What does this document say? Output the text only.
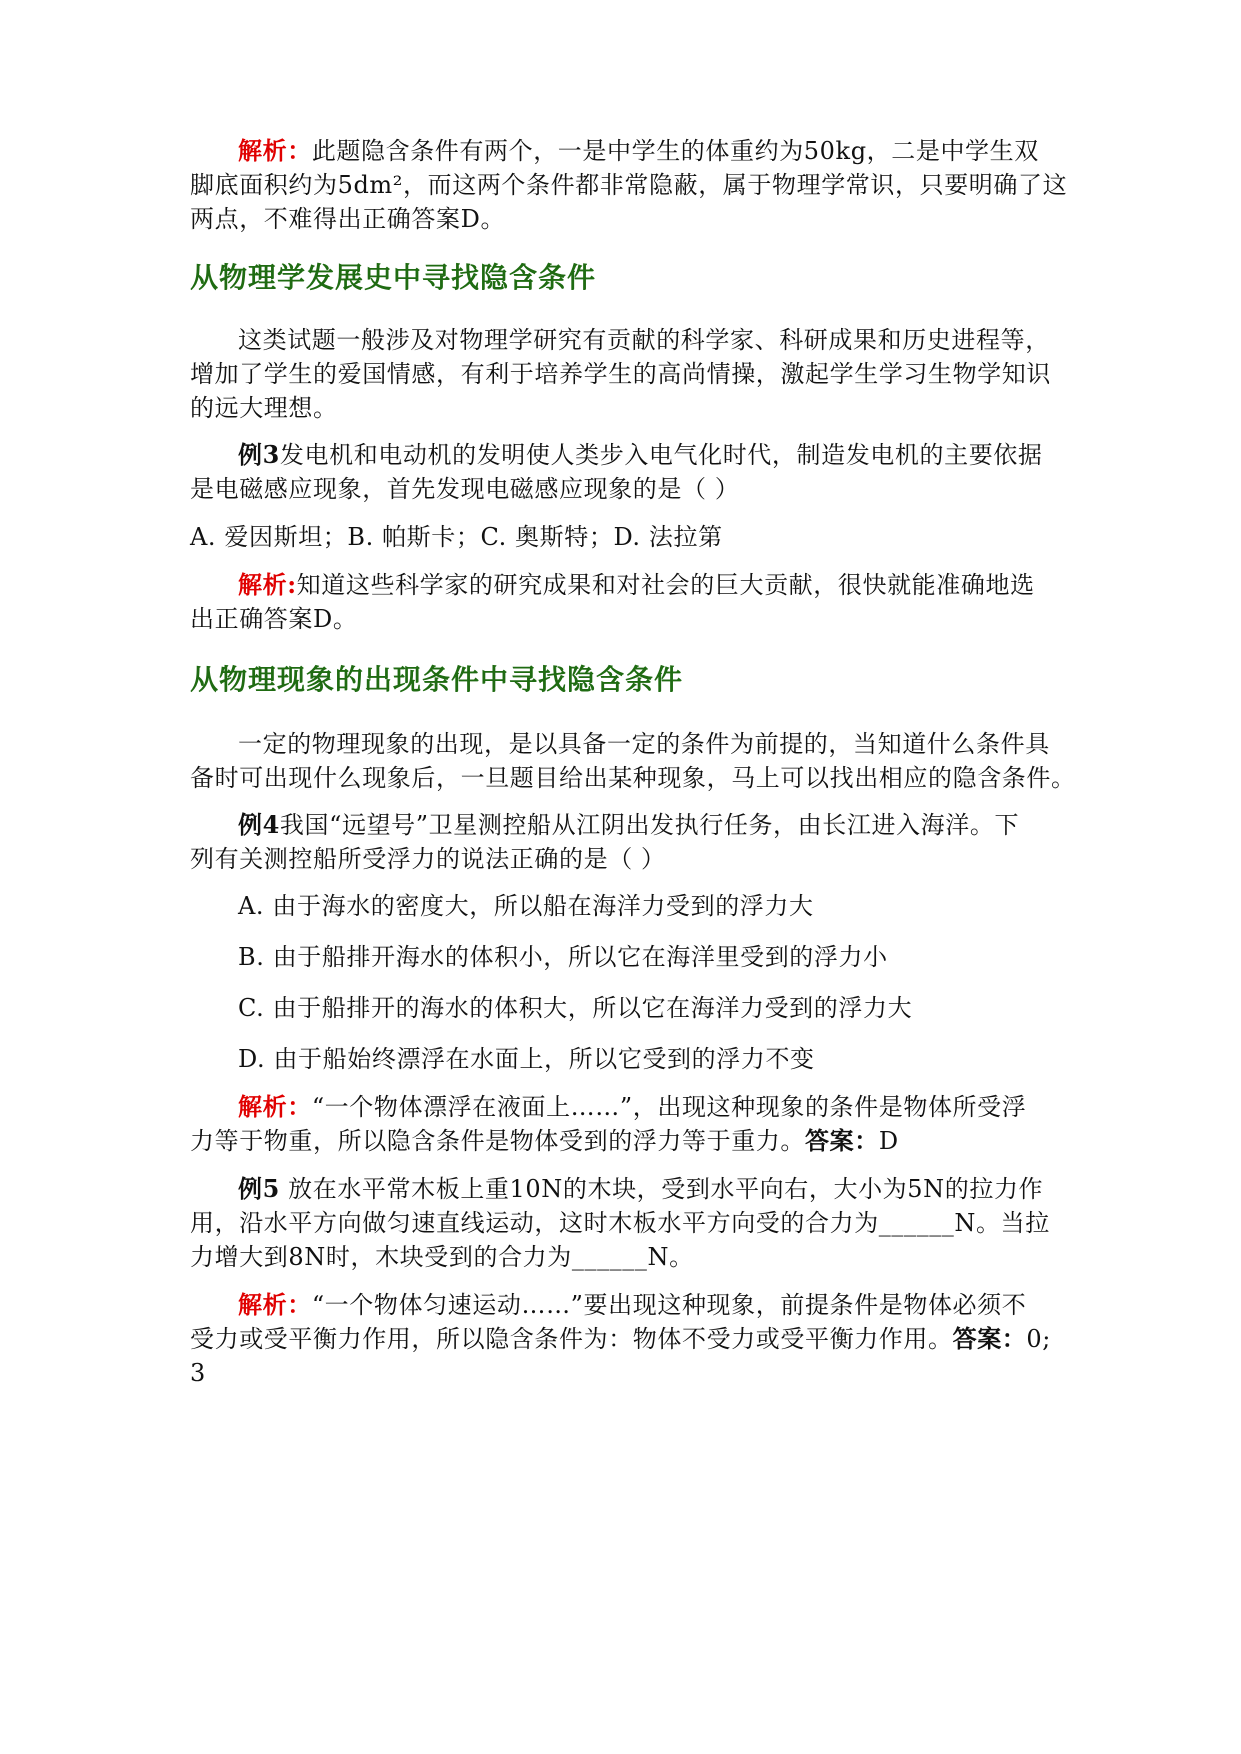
解析：此题隐含条件有两个，一是中学生的体重约为50kg，二是中学生双
脚底面积约为5dm²，而这两个条件都非常隐蔽，属于物理学常识，只要明确了这
两点，不难得出正确答案D。
从物理学发展史中寻找隐含条件
这类试题一般涉及对物理学研究有贡献的科学家、科研成果和历史进程等，
增加了学生的爱国情感，有利于培养学生的高尚情操，激起学生学习生物学知识
的远大理想。
例3发电机和电动机的发明使人类步入电气化时代，制造发电机的主要依据
是电磁感应现象，首先发现电磁感应现象的是（ ）
A. 爱因斯坦；B. 帕斯卡；C. 奥斯特；D. 法拉第
解析:知道这些科学家的研究成果和对社会的巨大贡献，很快就能准确地选
出正确答案D。
从物理现象的出现条件中寻找隐含条件
一定的物理现象的出现，是以具备一定的条件为前提的，当知道什么条件具
备时可出现什么现象后，一旦题目给出某种现象，马上可以找出相应的隐含条件。
例4我国“远望号”卫星测控船从江阴出发执行任务，由长江进入海洋。下
列有关测控船所受浮力的说法正确的是（ ）
A. 由于海水的密度大，所以船在海洋力受到的浮力大
B. 由于船排开海水的体积小，所以它在海洋里受到的浮力小
C. 由于船排开的海水的体积大，所以它在海洋力受到的浮力大
D. 由于船始终漂浮在水面上，所以它受到的浮力不变
解析：“一个物体漂浮在液面上……”，出现这种现象的条件是物体所受浮
力等于物重，所以隐含条件是物体受到的浮力等于重力。答案：D
例5 放在水平常木板上重10N的木块，受到水平向右，大小为5N的拉力作
用，沿水平方向做匀速直线运动，这时木板水平方向受的合力为______N。当拉
力增大到8N时，木块受到的合力为______N。
解析：“一个物体匀速运动……”要出现这种现象，前提条件是物体必须不
受力或受平衡力作用，所以隐含条件为：物体不受力或受平衡力作用。答案：0;
3
